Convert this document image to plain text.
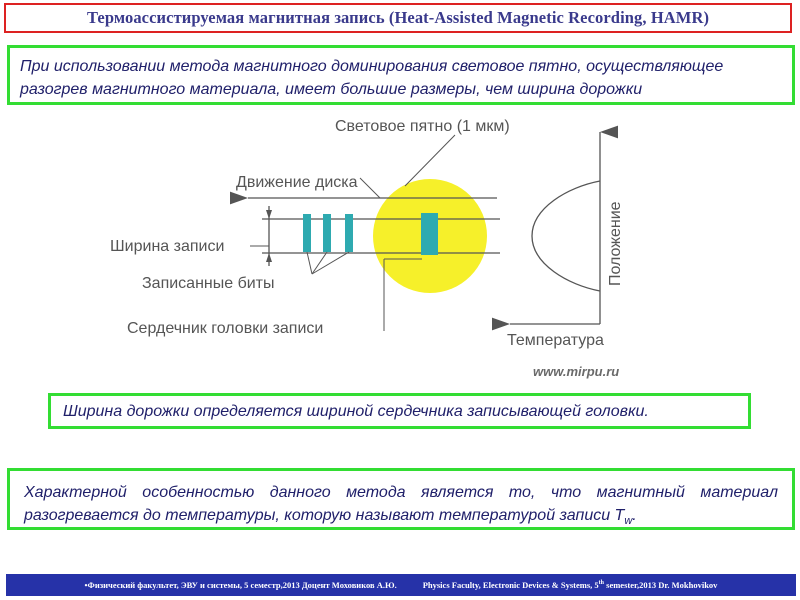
Термоассистируемая магнитная запись (Heat-Assisted Magnetic Recording, HAMR)
При использовании метода магнитного доминирования световое пятно, осуществляющее разогрев магнитного материала, имеет большие размеры, чем ширина дорожки
Световое пятно (1 мкм)
Движение диска
Ширина записи
Записанные биты
Сердечник головки записи
Температура
Положение
www.mirpu.ru
Ширина дорожки определяется шириной сердечника записывающей головки.
Характерной особенностью данного метода является то, что магнитный материал разогревается до температуры, которую называют температурой записи $T_w$.
•Физический факультет, ЭВУ и системы, 5 семестр,2013 Доцент Моховиков А.Ю.	Physics Faculty, Electronic Devices & Systems, 5th semester,2013 Dr. Mokhovikov
